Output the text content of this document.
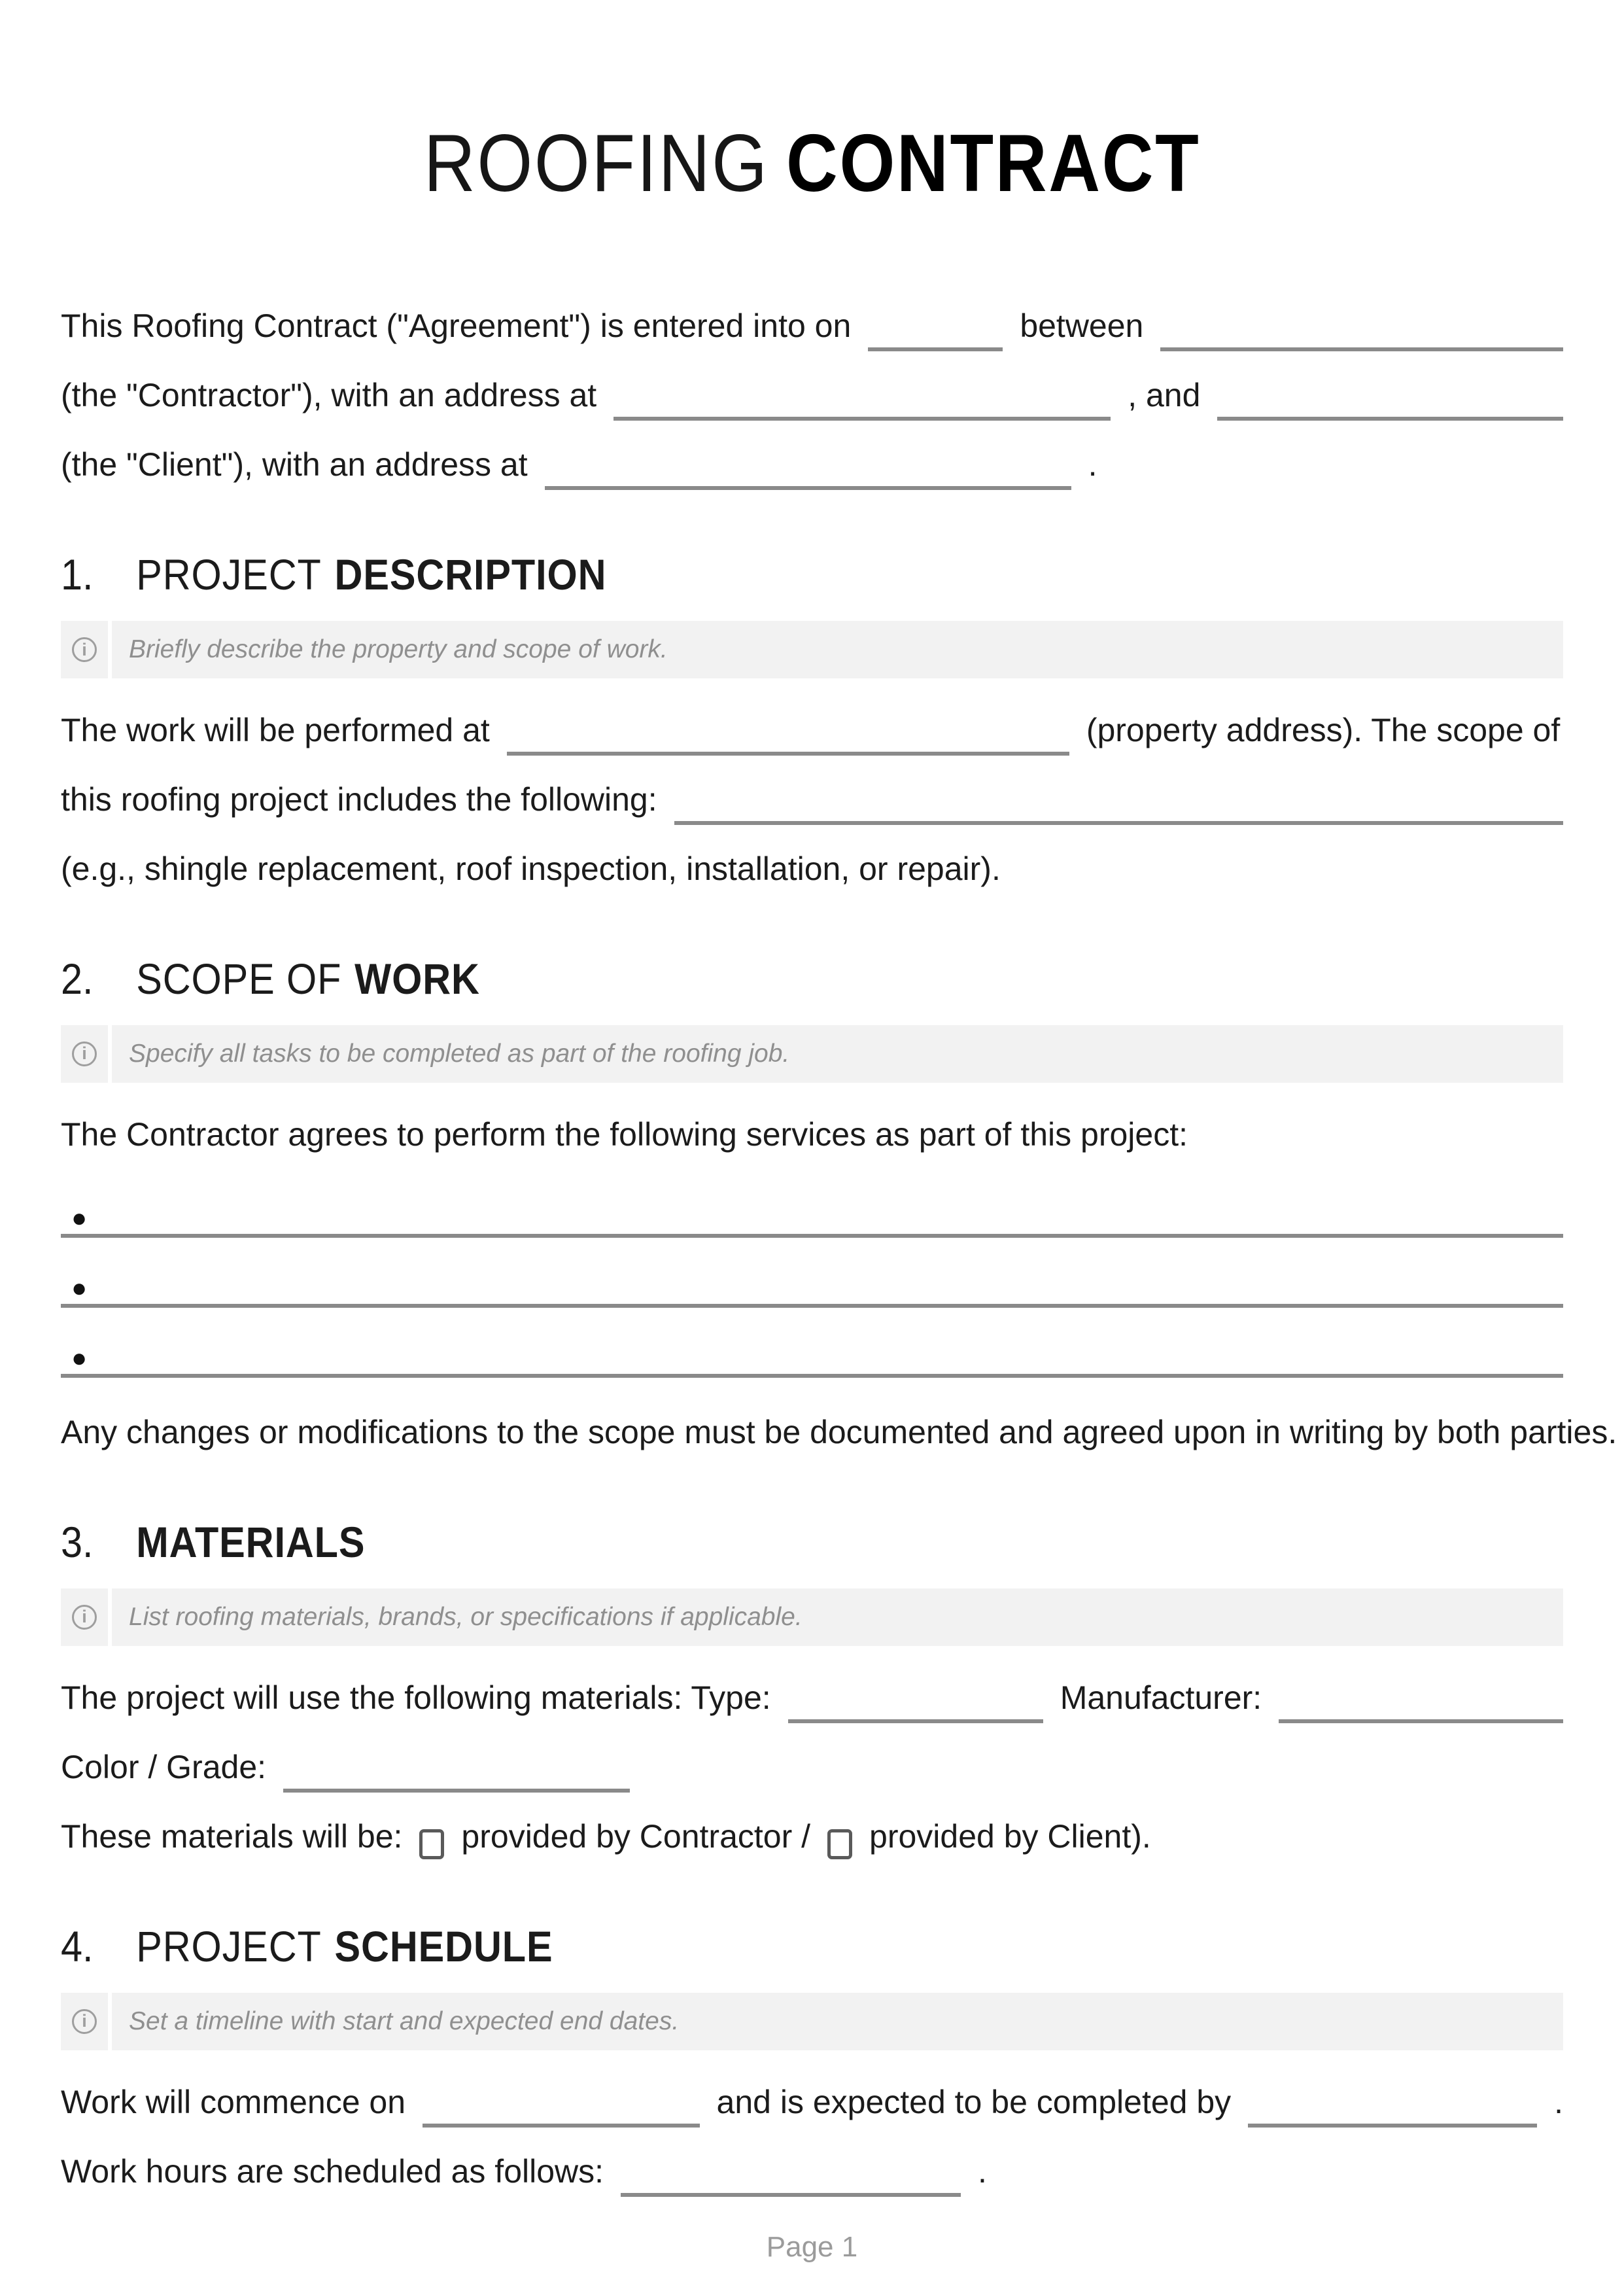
ROOFING CONTRACT
This Roofing Contract ("Agreement") is entered into on	between
(the "Contractor"), with an address at	, and
(the "Client"), with an address at	.
1. PROJECT DESCRIPTION
i	Briefly describe the property and scope of work.
The work will be performed at	(property address). The scope of
this roofing project includes the following:
(e.g., shingle replacement, roof inspection, installation, or repair).
2. SCOPE OF WORK
i	Specify all tasks to be completed as part of the roofing job.
The Contractor agrees to perform the following services as part of this project:
●
●
●
Any changes or modifications to the scope must be documented and agreed upon in writing by both parties.
3. MATERIALS
i	List roofing materials, brands, or specifications if applicable.
The project will use the following materials: Type:	Manufacturer:
Color / Grade:
These materials will be: provided by Contractor / provided by Client).
4. PROJECT SCHEDULE
i	Set a timeline with start and expected end dates.
Work will commence on	and is expected to be completed by	.
Work hours are scheduled as follows:	.
Page 1
